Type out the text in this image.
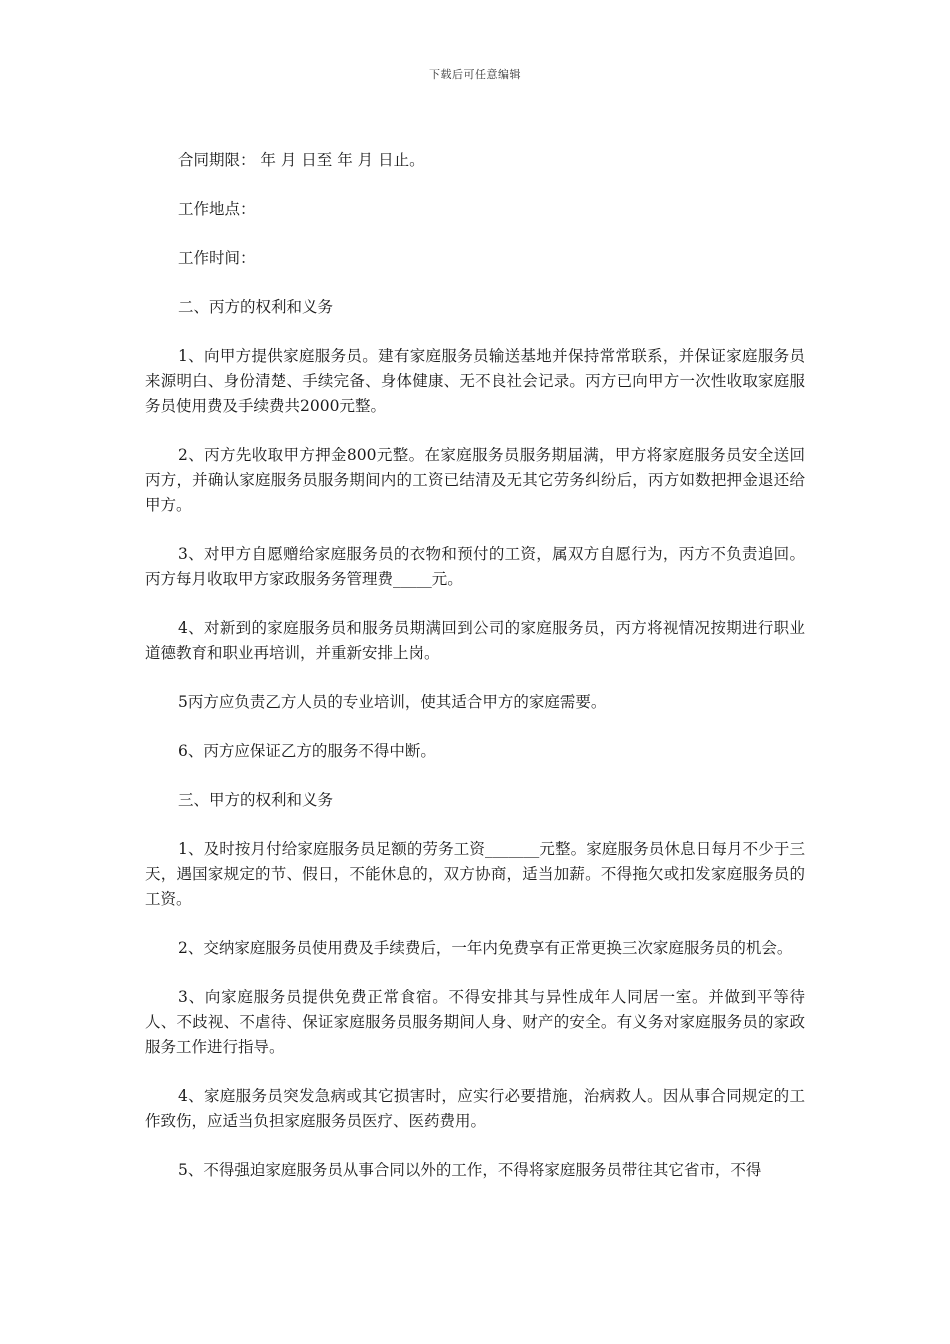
下载后可任意编辑

合同期限： 年 月 日至 年 月 日止。

工作地点：

工作时间：

二、丙方的权利和义务

1、向甲方提供家庭服务员。建有家庭服务员输送基地并保持常常联系，并保证家庭服务员来源明白、身份清楚、手续完备、身体健康、无不良社会记录。丙方已向甲方一次性收取家庭服务员使用费及手续费共2000元整。

2、丙方先收取甲方押金800元整。在家庭服务员服务期届满，甲方将家庭服务员安全送回丙方，并确认家庭服务员服务期间内的工资已结清及无其它劳务纠纷后，丙方如数把押金退还给甲方。

3、对甲方自愿赠给家庭服务员的衣物和预付的工资，属双方自愿行为，丙方不负责追回。丙方每月收取甲方家政服务务管理费_____元。

4、对新到的家庭服务员和服务员期满回到公司的家庭服务员，丙方将视情况按期进行职业道德教育和职业再培训，并重新安排上岗。

5丙方应负责乙方人员的专业培训，使其适合甲方的家庭需要。

6、丙方应保证乙方的服务不得中断。

三、甲方的权利和义务

1、及时按月付给家庭服务员足额的劳务工资_______元整。家庭服务员休息日每月不少于三天，遇国家规定的节、假日，不能休息的，双方协商，适当加薪。不得拖欠或扣发家庭服务员的工资。

2、交纳家庭服务员使用费及手续费后，一年内免费享有正常更换三次家庭服务员的机会。

3、向家庭服务员提供免费正常食宿。不得安排其与异性成年人同居一室。并做到平等待人、不歧视、不虐待、保证家庭服务员服务期间人身、财产的安全。有义务对家庭服务员的家政服务工作进行指导。

4、家庭服务员突发急病或其它损害时，应实行必要措施，治病救人。因从事合同规定的工作致伤，应适当负担家庭服务员医疗、医药费用。

5、不得强迫家庭服务员从事合同以外的工作，不得将家庭服务员带往其它省市，不得
